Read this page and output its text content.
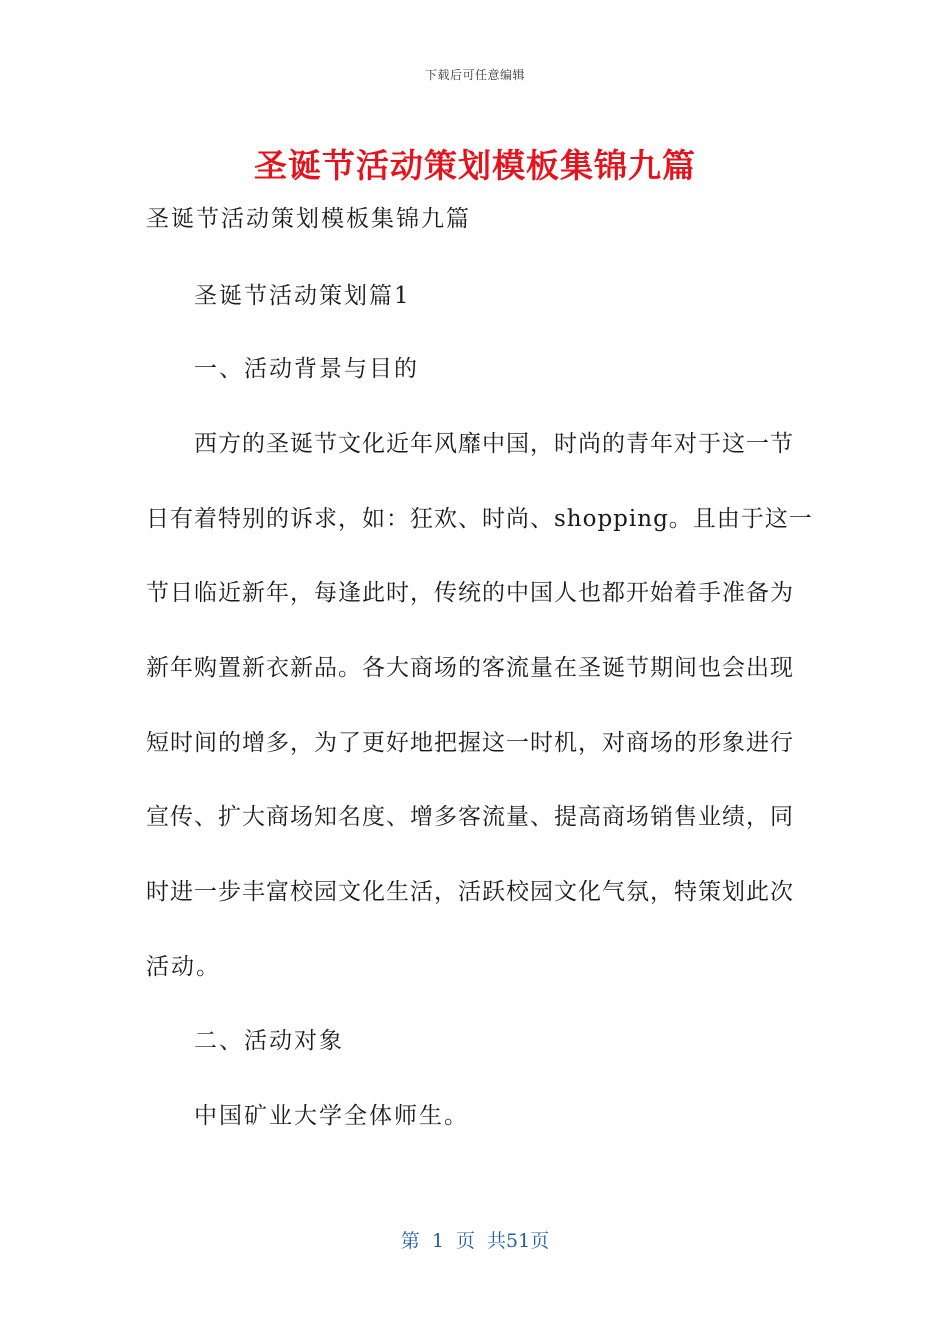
下载后可任意编辑
圣诞节活动策划模板集锦九篇
圣诞节活动策划模板集锦九篇
圣诞节活动策划篇1
一、活动背景与目的
西方的圣诞节文化近年风靡中国，时尚的青年对于这一节
日有着特别的诉求，如：狂欢、时尚、shopping。且由于这一
节日临近新年，每逢此时，传统的中国人也都开始着手准备为
新年购置新衣新品。各大商场的客流量在圣诞节期间也会出现
短时间的增多，为了更好地把握这一时机，对商场的形象进行
宣传、扩大商场知名度、增多客流量、提高商场销售业绩，同
时进一步丰富校园文化生活，活跃校园文化气氛，特策划此次
活动。
二、活动对象
中国矿业大学全体师生。
第 1 页 共51页
